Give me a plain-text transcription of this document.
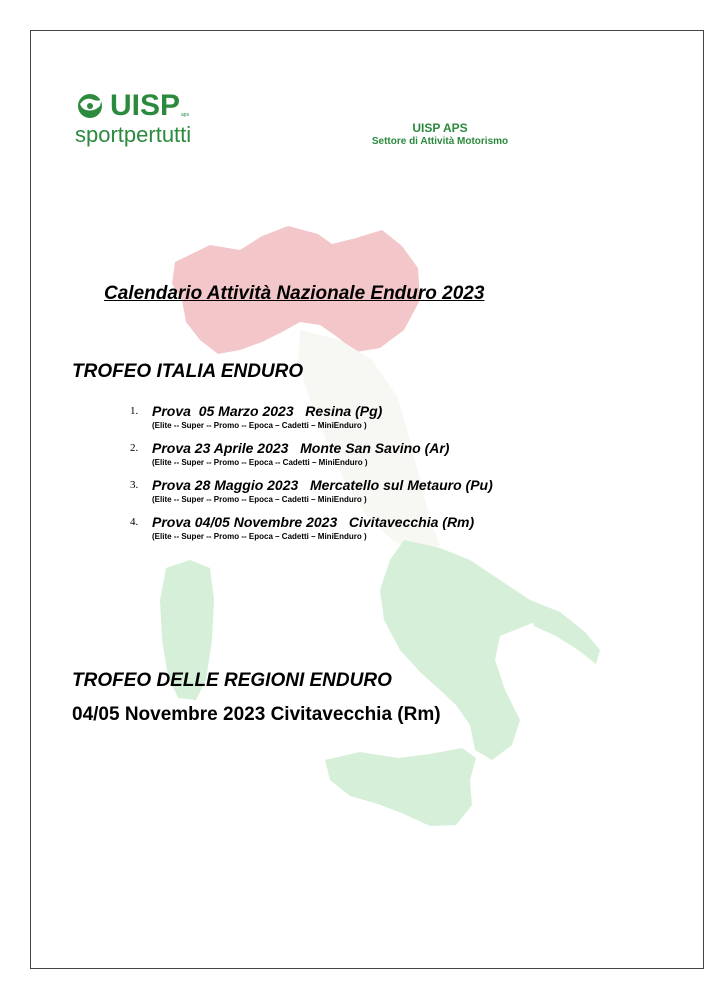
UISP aps
sportpertutti	UISP APS
Settore di Attività Motorismo
Calendario Attività Nazionale Enduro 2023
TROFEO ITALIA ENDURO
1. Prova  05 Marzo 2023   Resina (Pg)
(Elite -- Super -- Promo -- Epoca – Cadetti – MiniEnduro )
2. Prova 23 Aprile 2023   Monte San Savino (Ar)
(Elite -- Super -- Promo -- Epoca -- Cadetti – MiniEnduro )
3. Prova 28 Maggio 2023   Mercatello sul Metauro (Pu)
(Elite -- Super -- Promo -- Epoca – Cadetti – MiniEnduro )
4. Prova 04/05 Novembre 2023   Civitavecchia (Rm)
(Elite -- Super -- Promo -- Epoca – Cadetti – MiniEnduro )
TROFEO DELLE REGIONI ENDURO
04/05 Novembre 2023 Civitavecchia (Rm)
